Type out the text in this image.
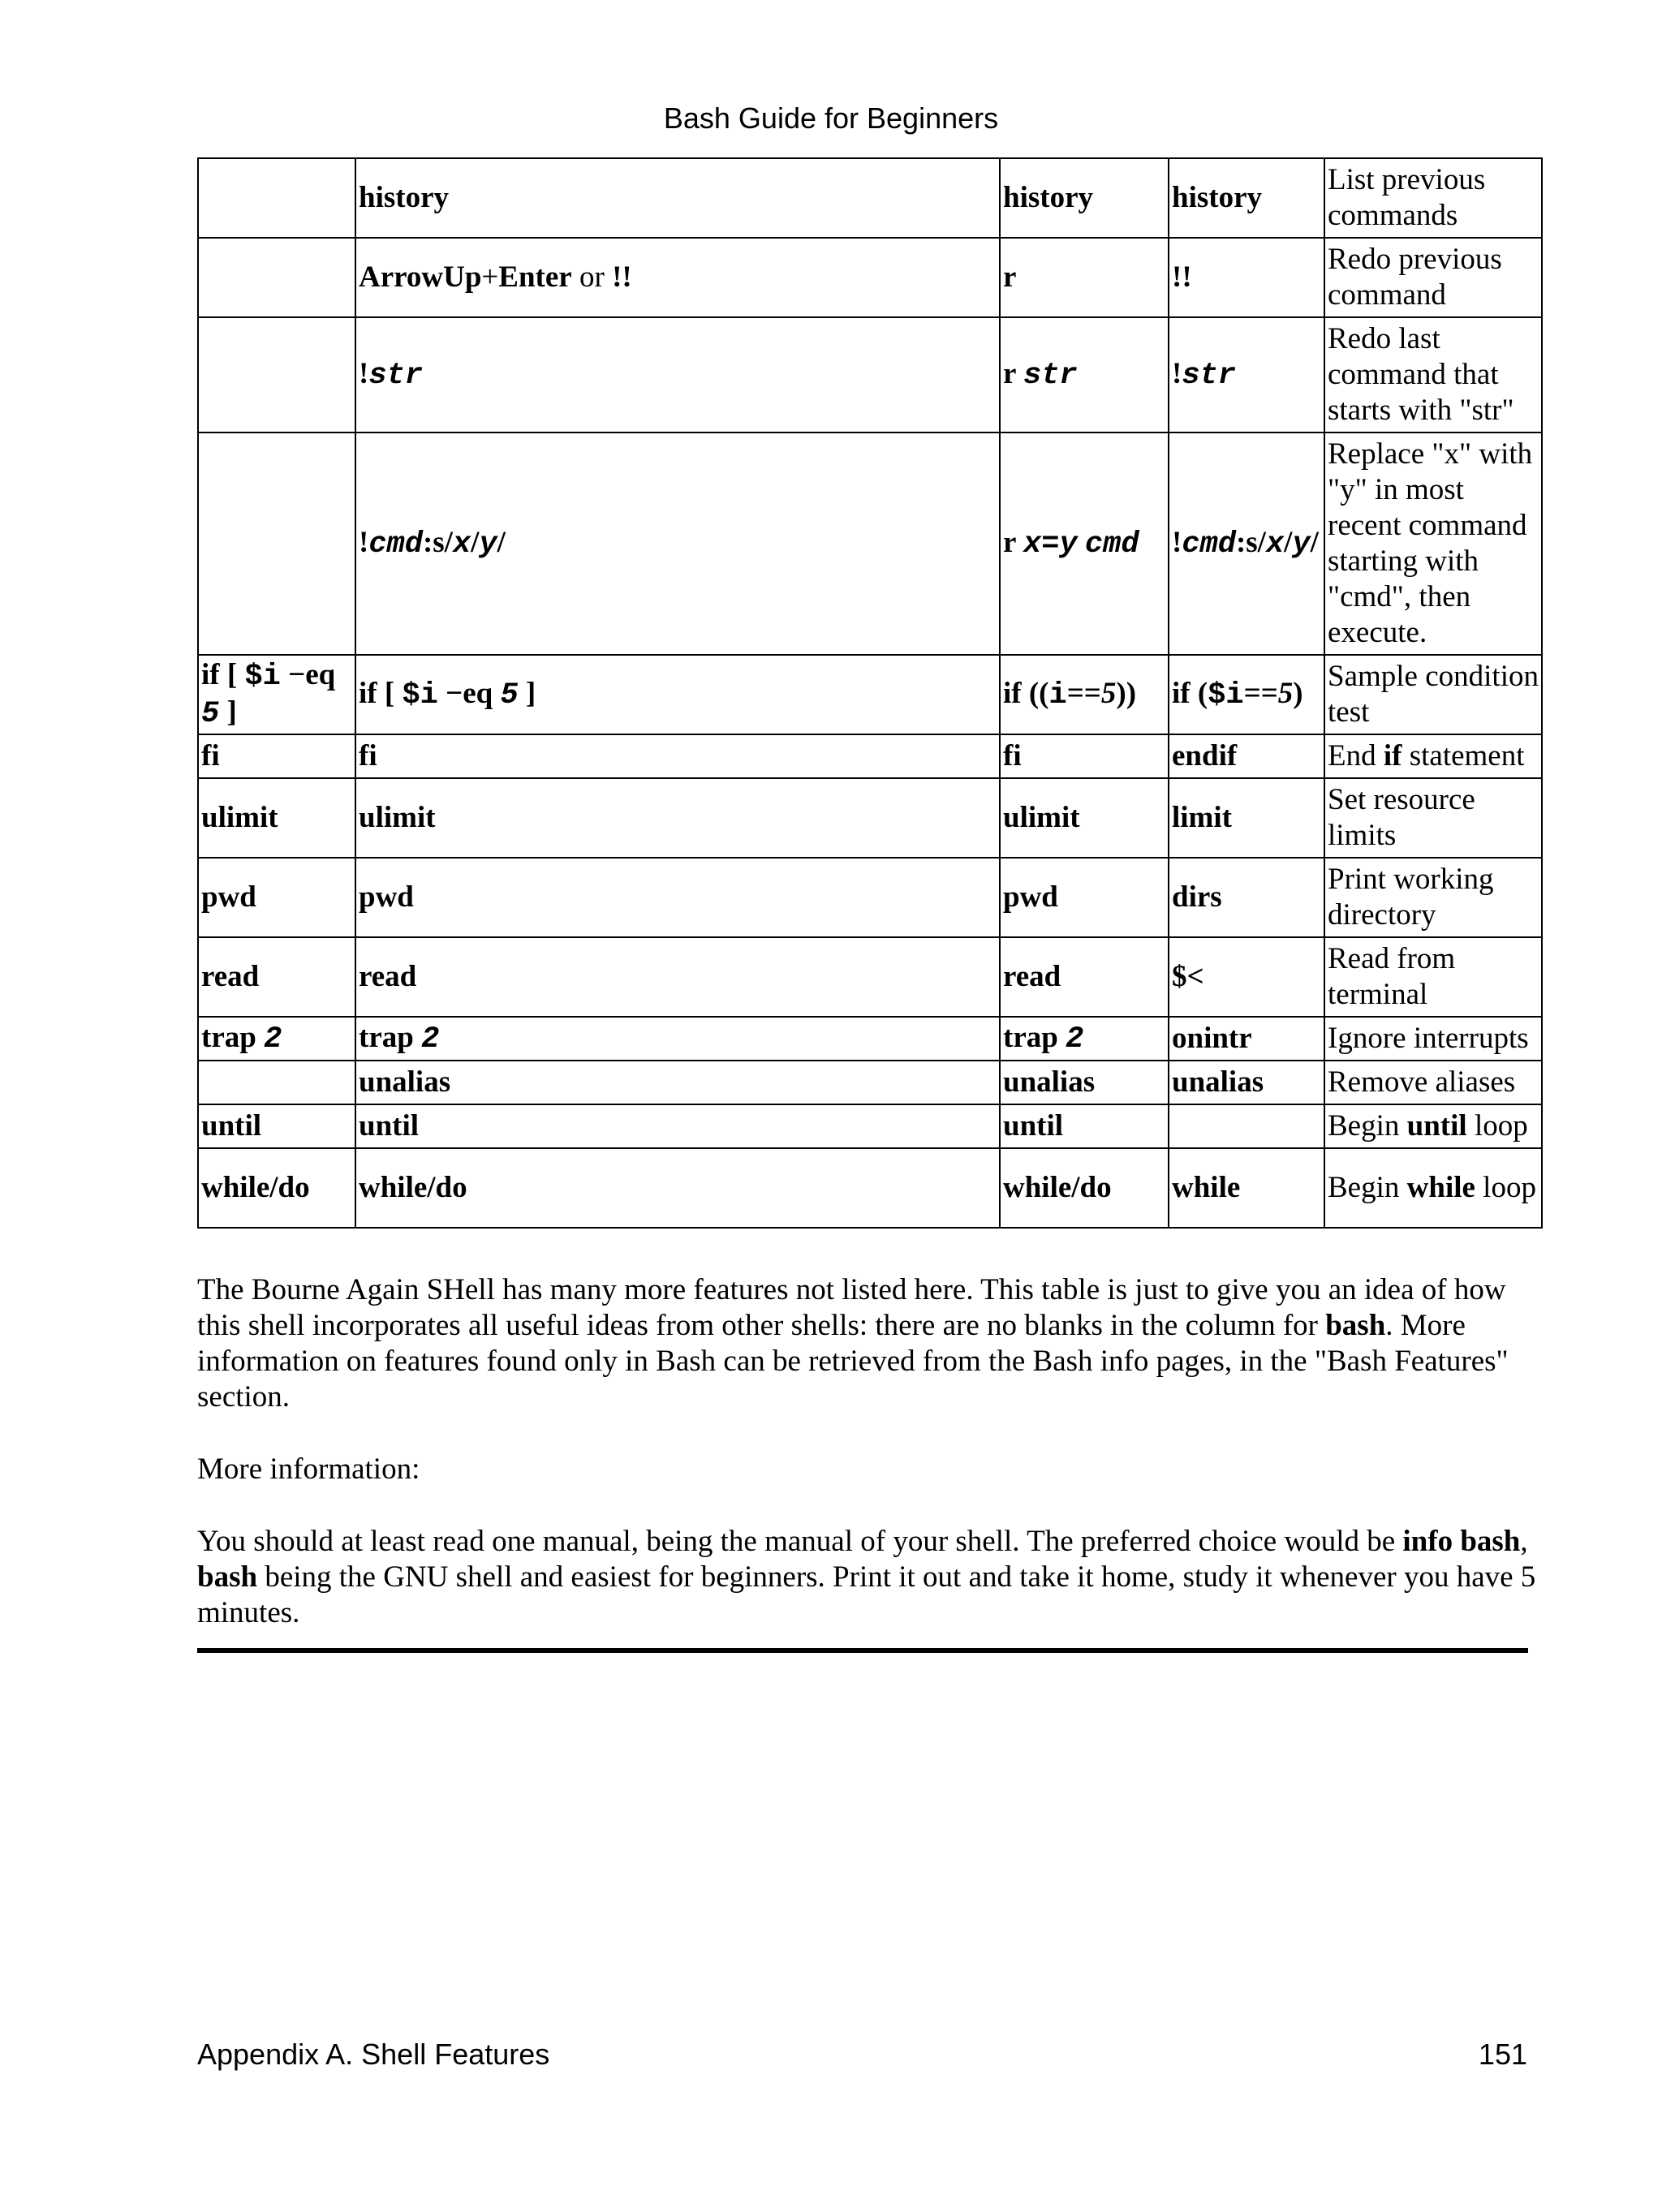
Bash Guide for Beginners
	history	history	history	List previous commands
	ArrowUp+Enter or !!	r	!!	Redo previous command
	!str	r str	!str	Redo last command that starts with "str"
	!cmd:s/x/y/	r x=y cmd	!cmd:s/x/y/	Replace "x" with "y" in most recent command starting with "cmd", then execute.
if [ $i −eq 5 ]	if [ $i −eq 5 ]	if ((i==5))	if ($i==5)	Sample condition test
fi	fi	fi	endif	End if statement
ulimit	ulimit	ulimit	limit	Set resource limits
pwd	pwd	pwd	dirs	Print working directory
read	read	read	$<	Read from terminal
trap 2	trap 2	trap 2	onintr	Ignore interrupts
	unalias	unalias	unalias	Remove aliases
until	until	until		Begin until loop
while/do	while/do	while/do	while	Begin while loop

The Bourne Again SHell has many more features not listed here. This table is just to give you an idea of how this shell incorporates all useful ideas from other shells: there are no blanks in the column for bash. More information on features found only in Bash can be retrieved from the Bash info pages, in the "Bash Features" section.

More information:

You should at least read one manual, being the manual of your shell. The preferred choice would be info bash, bash being the GNU shell and easiest for beginners. Print it out and take it home, study it whenever you have 5 minutes.

Appendix A. Shell Features	151
